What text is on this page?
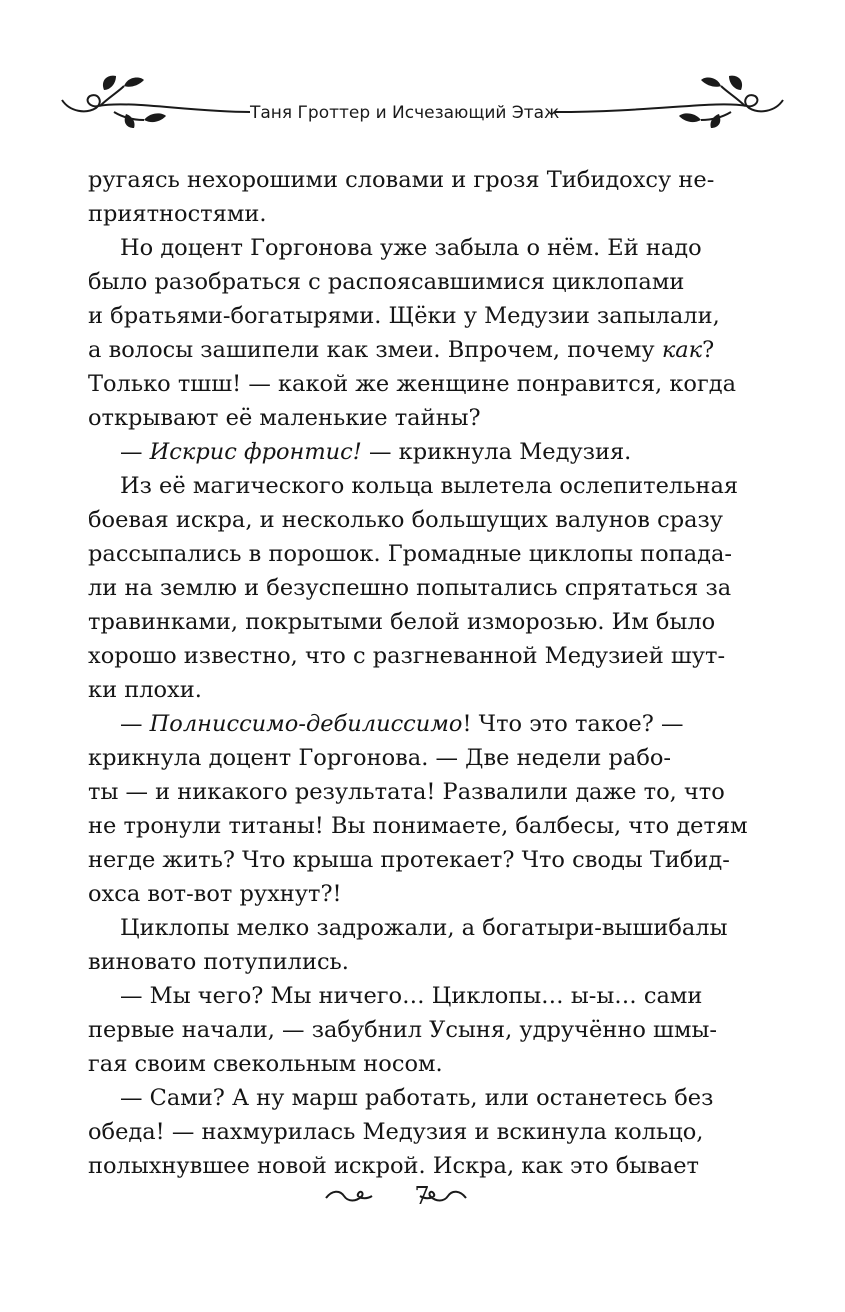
Таня Гроттер и Исчезающий Этаж

ругаясь нехорошими словами и грозя Тибидохсу не-
приятностями.

Но доцент Горгонова уже забыла о нём. Ей надо
было разобраться с распоясавшимися циклопами
и братьями-богатырями. Щёки у Медузии запылали,
а волосы зашипели как змеи. Впрочем, почему как?
Только тшш! — какой же женщине понравится, когда
открывают её маленькие тайны?

— Искрис фронтис! — крикнула Медузия.

Из её магического кольца вылетела ослепительная
боевая искра, и несколько большущих валунов сразу
рассыпались в порошок. Громадные циклопы попада-
ли на землю и безуспешно попытались спрятаться за
травинками, покрытыми белой изморозью. Им было
хорошо известно, что с разгневанной Медузией шут-
ки плохи.

— Полниссимо-дебилиссимо! Что это такое? —
крикнула доцент Горгонова. — Две недели рабо-
ты — и никакого результата! Развалили даже то, что
не тронули титаны! Вы понимаете, балбесы, что детям
негде жить? Что крыша протекает? Что своды Тибид-
охса вот-вот рухнут?!

Циклопы мелко задрожали, а богатыри-вышибалы
виновато потупились.

— Мы чего? Мы ничего… Циклопы… ы-ы… сами
первые начали, — забубнил Усыня, удручённо шмы-
гая своим свекольным носом.

— Сами? А ну марш работать, или останетесь без
обеда! — нахмурилась Медузия и вскинула кольцо,
полыхнувшее новой искрой. Искра, как это бывает

7
